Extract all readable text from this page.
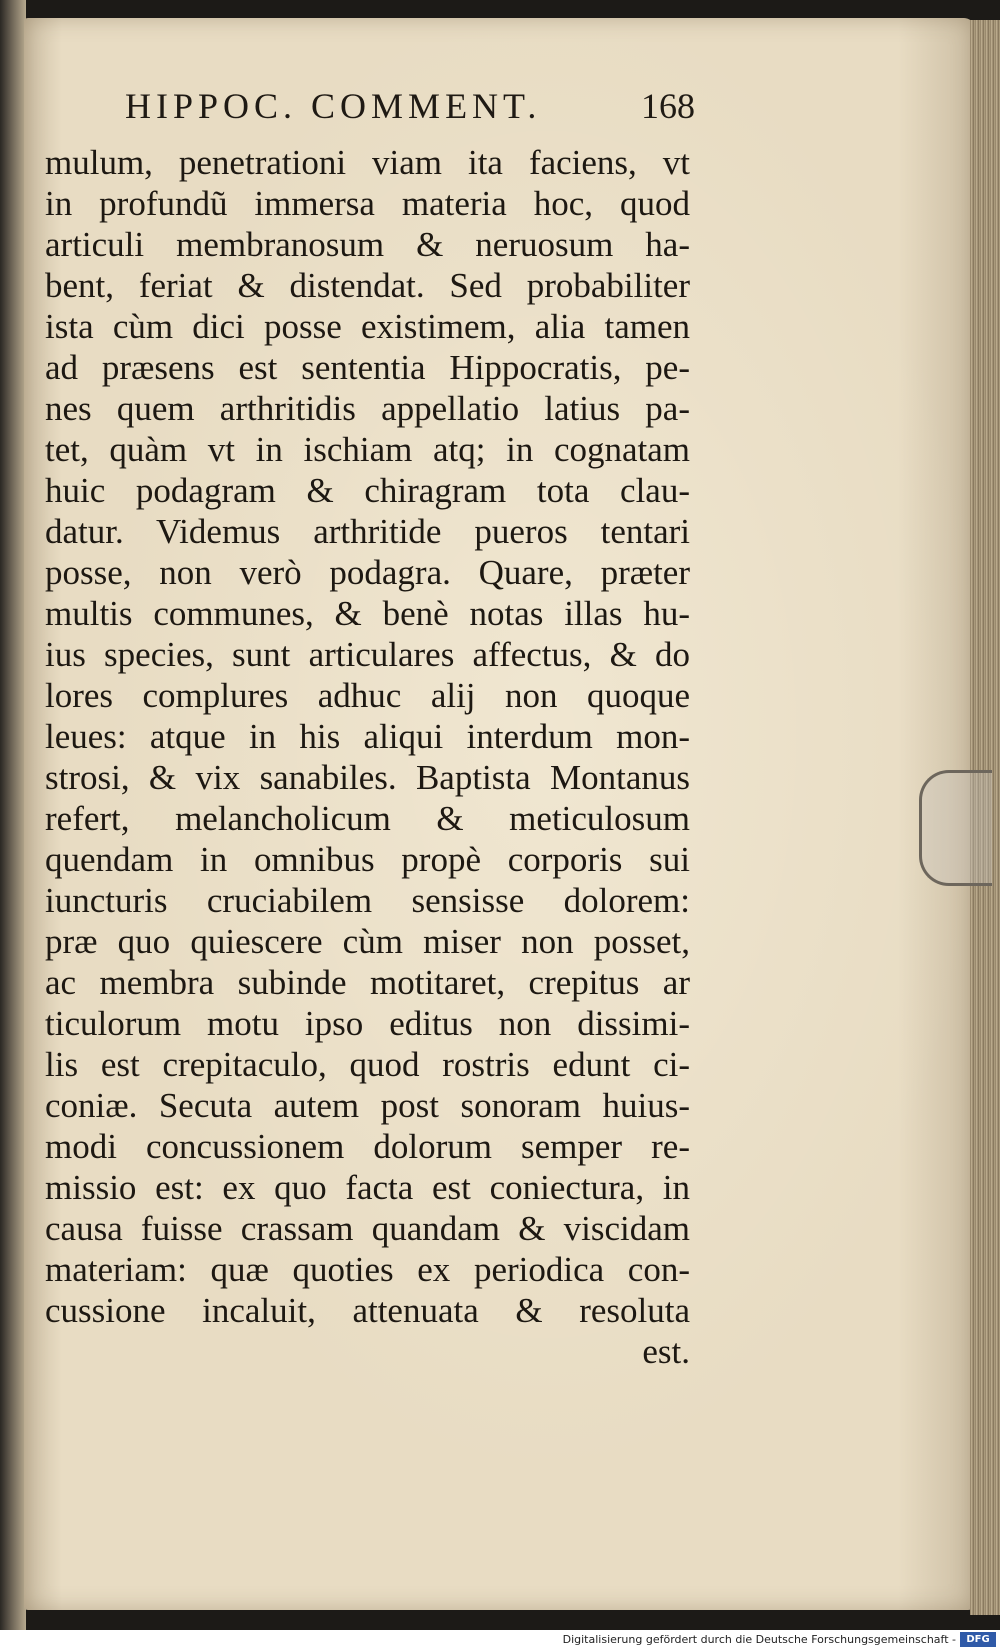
HIPPOC. COMMENT.	168
mulum, penetrationi viam ita faciens, vt
in profundũ immersa materia hoc, quod
articuli membranosum & neruosum ha-
bent, feriat & distendat. Sed probabiliter
ista cùm dici posse existimem, alia tamen
ad præsens est sententia Hippocratis, pe-
nes quem arthritidis appellatio latius pa-
tet, quàm vt in ischiam atq; in cognatam
huic podagram & chiragram tota clau-
datur. Videmus arthritide pueros tentari
posse, non verò podagra. Quare, præter
multis communes, & benè notas illas hu-
ius species, sunt articulares affectus, & do
lores complures adhuc alij non quoque
leues: atque in his aliqui interdum mon-
strosi, & vix sanabiles. Baptista Montanus
refert, melancholicum & meticulosum
quendam in omnibus propè corporis sui
iuncturis cruciabilem sensisse dolorem:
præ quo quiescere cùm miser non posset,
ac membra subinde motitaret, crepitus ar
ticulorum motu ipso editus non dissimi-
lis est crepitaculo, quod rostris edunt ci-
coniæ. Secuta autem post sonoram huius-
modi concussionem dolorum semper re-
missio est: ex quo facta est coniectura, in
causa fuisse crassam quandam & viscidam
materiam: quæ quoties ex periodica con-
cussione incaluit, attenuata & resoluta
est.
Digitalisierung gefördert durch die Deutsche Forschungsgemeinschaft -	DFG
